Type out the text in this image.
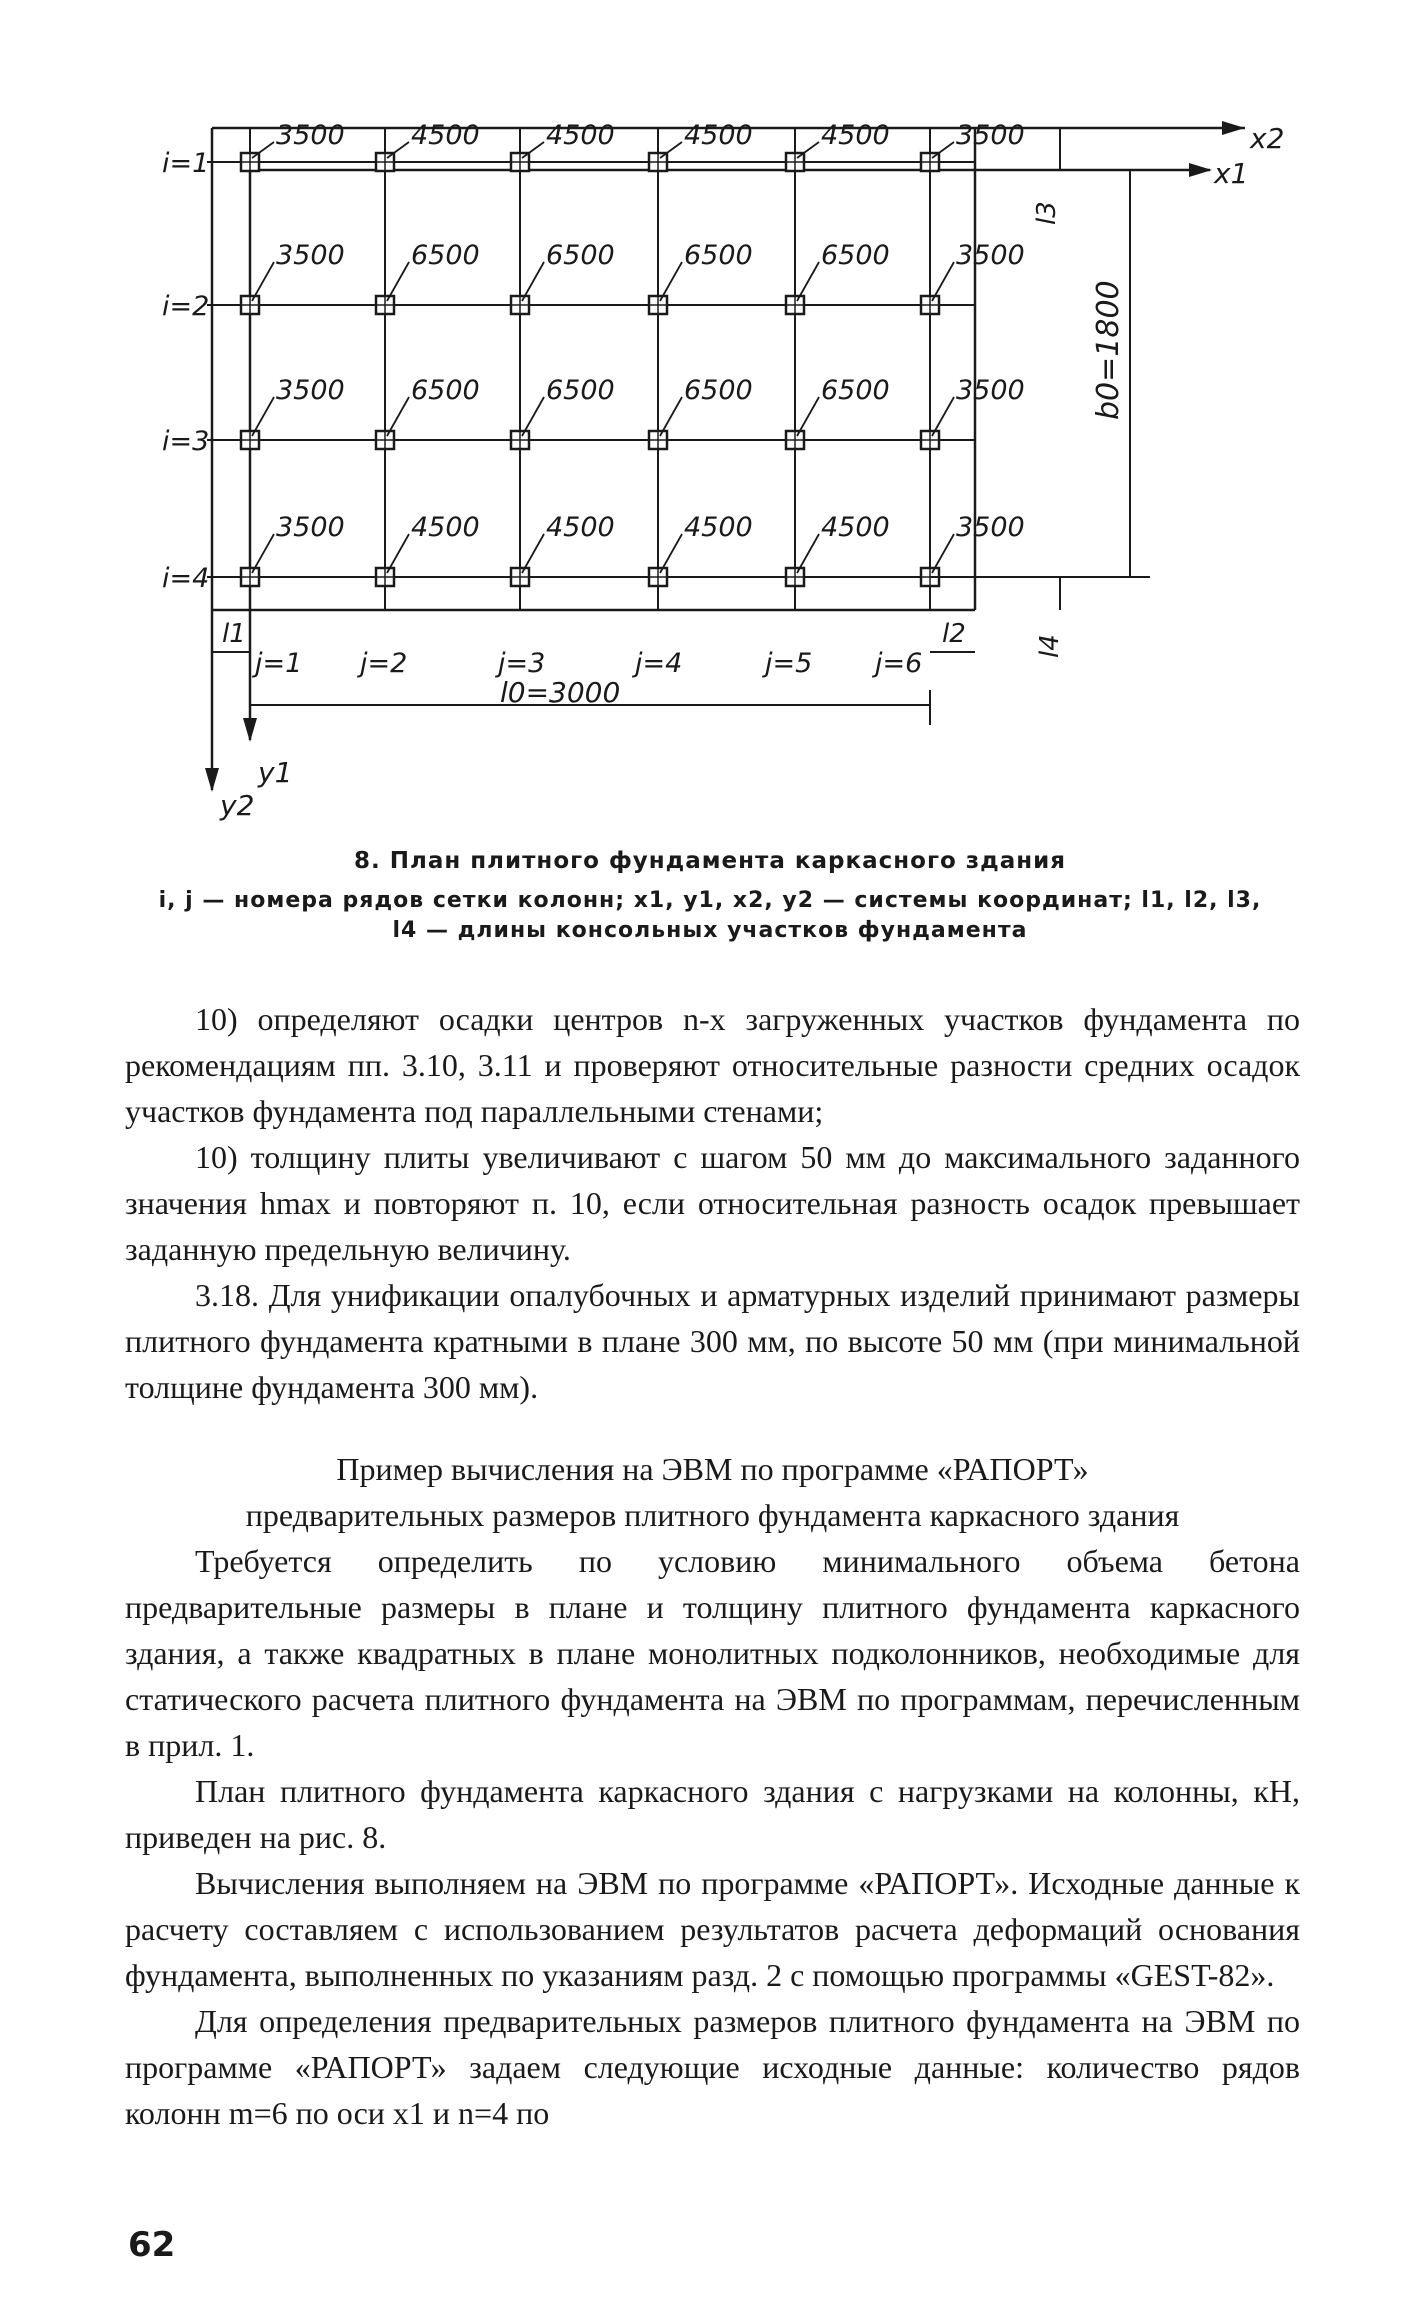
3500 4500 4500	4500	4500 3500
i=1
3500 6500 6500	6500	6500 3500
i=2
3500 6500 6500	6500	6500 3500
i=3
3500 4500 4500	4500	4500 3500
i=4
j=1 j=2	j=3	j=4	j=5 j=6
l0=3000
l1	l2
b0=1800
l3
l4
x2
x1
y1
y2
8. План плитного фундамента каркасного здания
i, j — номера рядов сетки колонн; x1, y1, x2, y2 — системы координат; l1, l2, l3,
l4 — длины консольных участков фундамента

10) определяют осадки центров n-х загруженных участков фундамента по рекомендациям пп. 3.10, 3.11 и проверяют относительные разности средних осадок участков фундамента под параллельными стенами;

10) толщину плиты увеличивают с шагом 50 мм до максимального заданного значения hmax и повторяют п. 10, если относительная разность осадок превышает заданную предельную величину.

3.18. Для унификации опалубочных и арматурных изделий принимают размеры плитного фундамента кратными в плане 300 мм, по высоте 50 мм (при минимальной толщине фундамента 300 мм).

Пример вычисления на ЭВМ по программе «РАПОРТ»

предварительных размеров плитного фундамента каркасного здания

Требуется определить по условию минимального объема бетона предварительные размеры в плане и толщину плитного фундамента каркасного здания, а также квадратных в плане монолитных подколонников, необходимые для статического расчета плитного фундамента на ЭВМ по программам, перечисленным в прил. 1.

План плитного фундамента каркасного здания с нагрузками на колонны, кН, приведен на рис. 8.

Вычисления выполняем на ЭВМ по программе «РАПОРТ». Исходные данные к расчету составляем с использованием результатов расчета деформаций основания фундамента, выполненных по указаниям разд. 2 с помощью программы «GEST-82».

Для определения предварительных размеров плитного фундамента на ЭВМ по программе «РАПОРТ» задаем следующие исходные данные: количество рядов колонн m=6 по оси x1 и n=4 по

62
